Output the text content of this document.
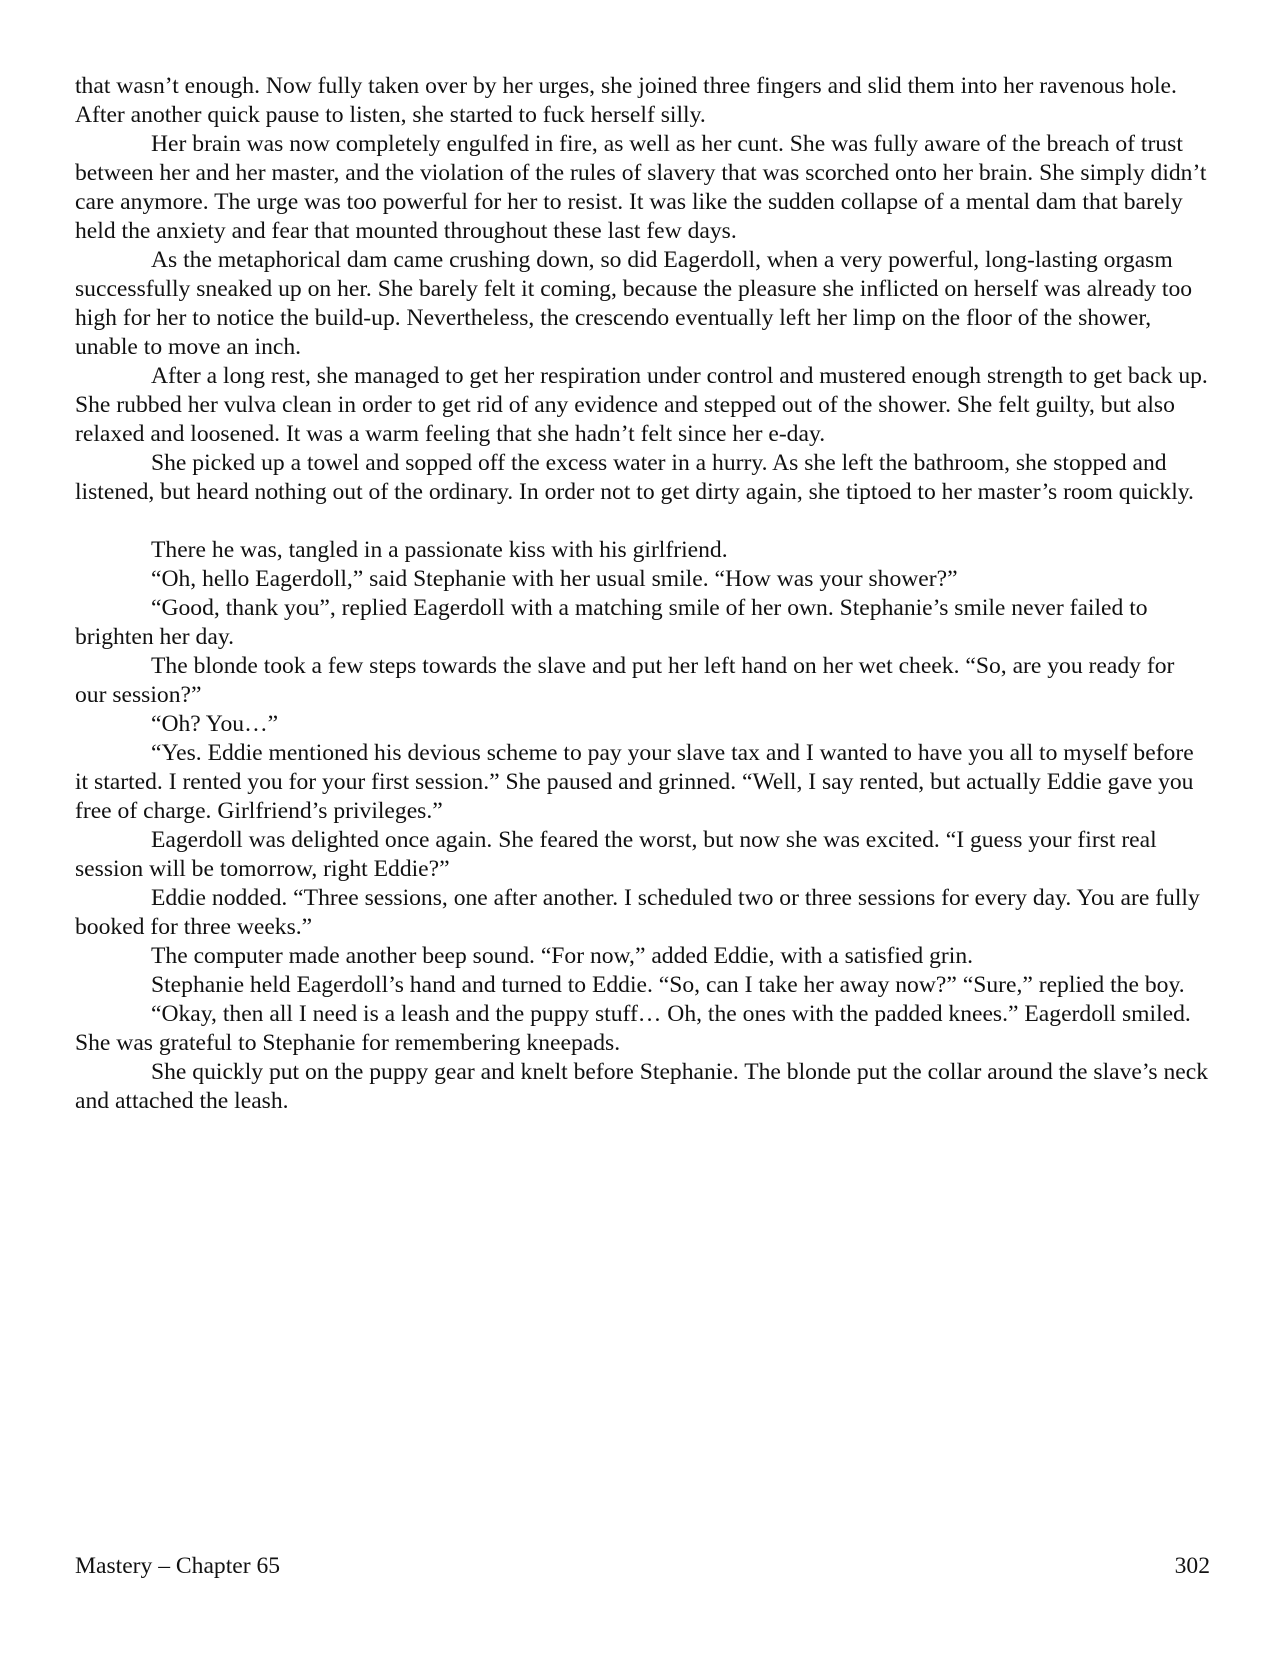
that wasn’t enough. Now fully taken over by her urges, she joined three fingers and slid them into her ravenous hole. After another quick pause to listen, she started to fuck herself silly.

Her brain was now completely engulfed in fire, as well as her cunt. She was fully aware of the breach of trust between her and her master, and the violation of the rules of slavery that was scorched onto her brain. She simply didn’t care anymore. The urge was too powerful for her to resist. It was like the sudden collapse of a mental dam that barely held the anxiety and fear that mounted throughout these last few days.

As the metaphorical dam came crushing down, so did Eagerdoll, when a very powerful, long-lasting orgasm successfully sneaked up on her. She barely felt it coming, because the pleasure she inflicted on herself was already too high for her to notice the build-up. Nevertheless, the crescendo eventually left her limp on the floor of the shower, unable to move an inch.

After a long rest, she managed to get her respiration under control and mustered enough strength to get back up. She rubbed her vulva clean in order to get rid of any evidence and stepped out of the shower. She felt guilty, but also relaxed and loosened. It was a warm feeling that she hadn’t felt since her e-day.

She picked up a towel and sopped off the excess water in a hurry. As she left the bathroom, she stopped and listened, but heard nothing out of the ordinary. In order not to get dirty again, she tiptoed to her master’s room quickly.

There he was, tangled in a passionate kiss with his girlfriend.

“Oh, hello Eagerdoll,” said Stephanie with her usual smile. “How was your shower?”

“Good, thank you”, replied Eagerdoll with a matching smile of her own. Stephanie’s smile never failed to brighten her day.

The blonde took a few steps towards the slave and put her left hand on her wet cheek. “So, are you ready for our session?”

“Oh? You…”

“Yes. Eddie mentioned his devious scheme to pay your slave tax and I wanted to have you all to myself before it started. I rented you for your first session.” She paused and grinned. “Well, I say rented, but actually Eddie gave you free of charge. Girlfriend’s privileges.”

Eagerdoll was delighted once again. She feared the worst, but now she was excited. “I guess your first real session will be tomorrow, right Eddie?”

Eddie nodded. “Three sessions, one after another. I scheduled two or three sessions for every day. You are fully booked for three weeks.”

The computer made another beep sound. “For now,” added Eddie, with a satisfied grin.

Stephanie held Eagerdoll’s hand and turned to Eddie. “So, can I take her away now?” “Sure,” replied the boy.

“Okay, then all I need is a leash and the puppy stuff… Oh, the ones with the padded knees.” Eagerdoll smiled. She was grateful to Stephanie for remembering kneepads.

She quickly put on the puppy gear and knelt before Stephanie. The blonde put the collar around the slave’s neck and attached the leash.

Mastery – Chapter 65	302
